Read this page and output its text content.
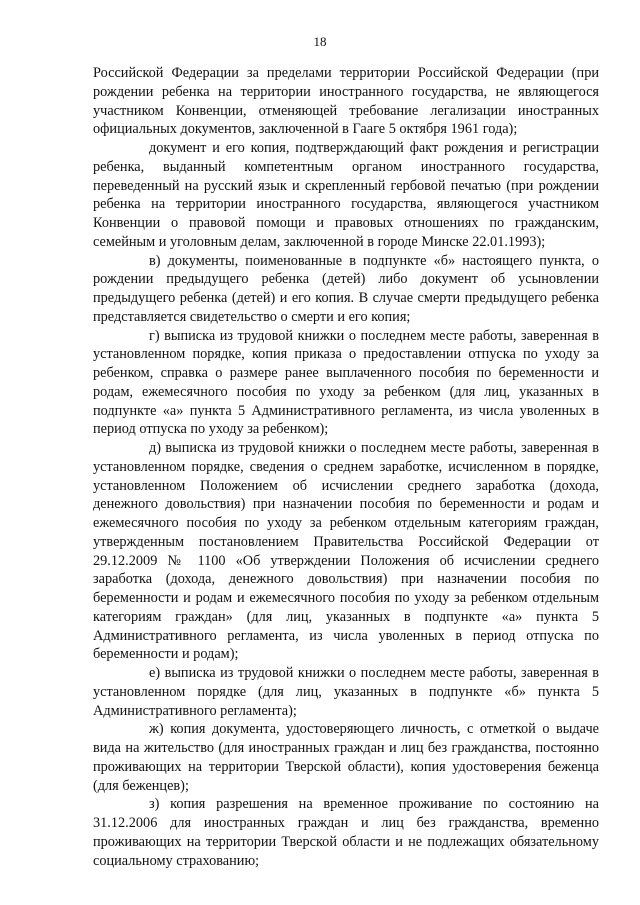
18

Российской Федерации за пределами территории Российской Федерации (при рождении ребенка на территории иностранного государства, не являющегося участником Конвенции, отменяющей требование легализации иностранных официальных документов, заключенной в Гааге 5 октября 1961 года);

документ и его копия, подтверждающий факт рождения и регистрации ребенка, выданный компетентным органом иностранного государства, переведенный на русский язык и скрепленный гербовой печатью (при рождении ребенка на территории иностранного государства, являющегося участником Конвенции о правовой помощи и правовых отношениях по гражданским, семейным и уголовным делам, заключенной в городе Минске 22.01.1993);

в) документы, поименованные в подпункте «б» настоящего пункта, о рождении предыдущего ребенка (детей) либо документ об усыновлении предыдущего ребенка (детей) и его копия. В случае смерти предыдущего ребенка представляется свидетельство о смерти и его копия;

г) выписка из трудовой книжки о последнем месте работы, заверенная в установленном порядке, копия приказа о предоставлении отпуска по уходу за ребенком, справка о размере ранее выплаченного пособия по беременности и родам, ежемесячного пособия по уходу за ребенком (для лиц, указанных в подпункте «а» пункта 5 Административного регламента, из числа уволенных в период отпуска по уходу за ребенком);

д) выписка из трудовой книжки о последнем месте работы, заверенная в установленном порядке, сведения о среднем заработке, исчисленном в порядке, установленном Положением об исчислении среднего заработка (дохода, денежного довольствия) при назначении пособия по беременности и родам и ежемесячного пособия по уходу за ребенком отдельным категориям граждан, утвержденным постановлением Правительства Российской Федерации от 29.12.2009 № 1100 «Об утверждении Положения об исчислении среднего заработка (дохода, денежного довольствия) при назначении пособия по беременности и родам и ежемесячного пособия по уходу за ребенком отдельным категориям граждан» (для лиц, указанных в подпункте «а» пункта 5 Административного регламента, из числа уволенных в период отпуска по беременности и родам);

е) выписка из трудовой книжки о последнем месте работы, заверенная в установленном порядке (для лиц, указанных в подпункте «б» пункта 5 Административного регламента);

ж) копия документа, удостоверяющего личность, с отметкой о выдаче вида на жительство (для иностранных граждан и лиц без гражданства, постоянно проживающих на территории Тверской области), копия удостоверения беженца (для беженцев);

з) копия разрешения на временное проживание по состоянию на 31.12.2006 для иностранных граждан и лиц без гражданства, временно проживающих на территории Тверской области и не подлежащих обязательному социальному страхованию;
